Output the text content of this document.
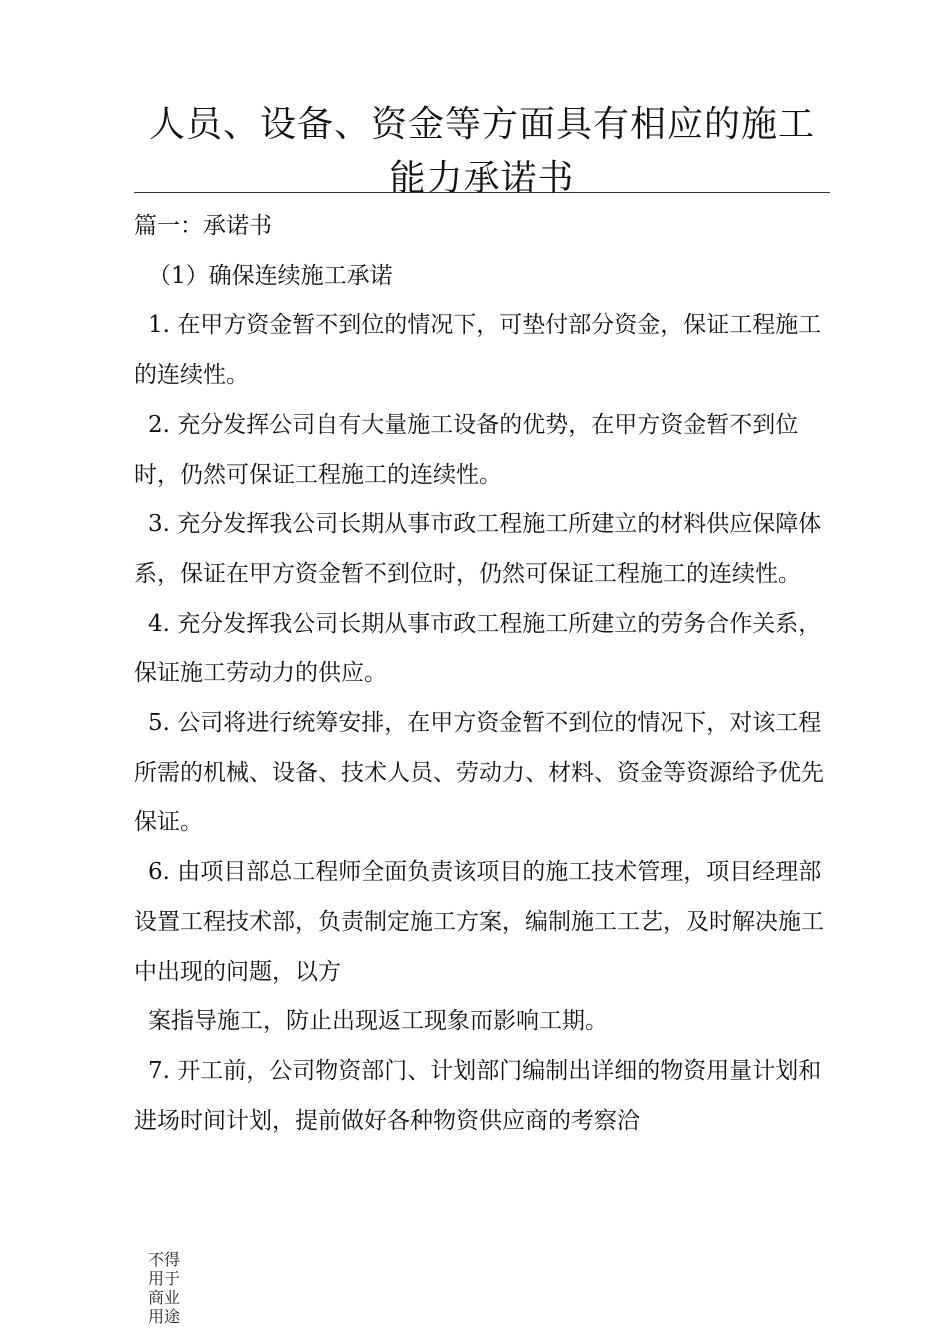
人员、设备、资金等方面具有相应的施工能力承诺书

篇一：承诺书

（1）确保连续施工承诺

1. 在甲方资金暂不到位的情况下，可垫付部分资金，保证工程施工的连续性。

2. 充分发挥公司自有大量施工设备的优势，在甲方资金暂不到位时，仍然可保证工程施工的连续性。

3. 充分发挥我公司长期从事市政工程施工所建立的材料供应保障体系，保证在甲方资金暂不到位时，仍然可保证工程施工的连续性。

4. 充分发挥我公司长期从事市政工程施工所建立的劳务合作关系，保证施工劳动力的供应。

5. 公司将进行统筹安排，在甲方资金暂不到位的情况下，对该工程所需的机械、设备、技术人员、劳动力、材料、资金等资源给予优先保证。

6. 由项目部总工程师全面负责该项目的施工技术管理，项目经理部设置工程技术部，负责制定施工方案，编制施工工艺，及时解决施工中出现的问题，以方

案指导施工，防止出现返工现象而影响工期。

7. 开工前，公司物资部门、计划部门编制出详细的物资用量计划和进场时间计划，提前做好各种物资供应商的考察洽

不得用于商业用途
